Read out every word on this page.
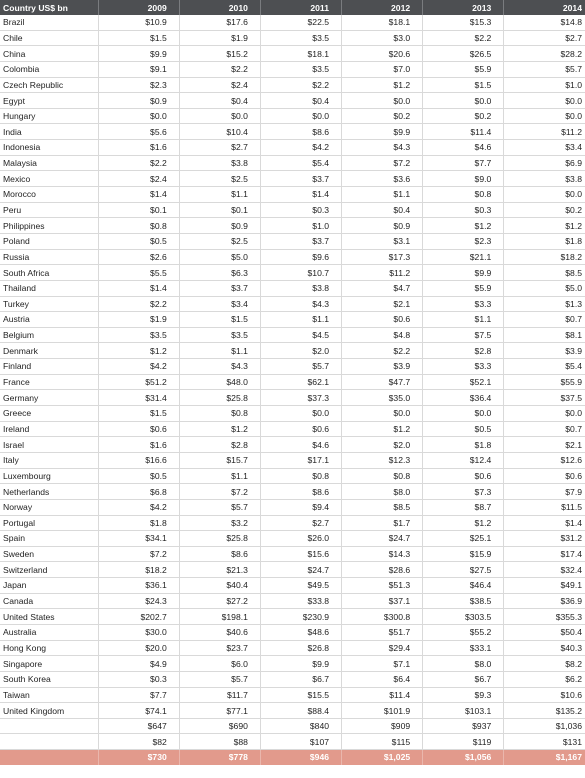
Country US$ bn	2009	2010	2011	2012	2013	2014
Brazil	$10.9	$17.6	$22.5	$18.1	$15.3	$14.8
Chile	$1.5	$1.9	$3.5	$3.0	$2.2	$2.7
China	$9.9	$15.2	$18.1	$20.6	$26.5	$28.2
Colombia	$9.1	$2.2	$3.5	$7.0	$5.9	$5.7
Czech Republic	$2.3	$2.4	$2.2	$1.2	$1.5	$1.0
Egypt	$0.9	$0.4	$0.4	$0.0	$0.0	$0.0
Hungary	$0.0	$0.0	$0.0	$0.2	$0.2	$0.0
India	$5.6	$10.4	$8.6	$9.9	$11.4	$11.2
Indonesia	$1.6	$2.7	$4.2	$4.3	$4.6	$3.4
Malaysia	$2.2	$3.8	$5.4	$7.2	$7.7	$6.9
Mexico	$2.4	$2.5	$3.7	$3.6	$9.0	$3.8
Morocco	$1.4	$1.1	$1.4	$1.1	$0.8	$0.0
Peru	$0.1	$0.1	$0.3	$0.4	$0.3	$0.2
Philippines	$0.8	$0.9	$1.0	$0.9	$1.2	$1.2
Poland	$0.5	$2.5	$3.7	$3.1	$2.3	$1.8
Russia	$2.6	$5.0	$9.6	$17.3	$21.1	$18.2
South Africa	$5.5	$6.3	$10.7	$11.2	$9.9	$8.5
Thailand	$1.4	$3.7	$3.8	$4.7	$5.9	$5.0
Turkey	$2.2	$3.4	$4.3	$2.1	$3.3	$1.3
Austria	$1.9	$1.5	$1.1	$0.6	$1.1	$0.7
Belgium	$3.5	$3.5	$4.5	$4.8	$7.5	$8.1
Denmark	$1.2	$1.1	$2.0	$2.2	$2.8	$3.9
Finland	$4.2	$4.3	$5.7	$3.9	$3.3	$5.4
France	$51.2	$48.0	$62.1	$47.7	$52.1	$55.9
Germany	$31.4	$25.8	$37.3	$35.0	$36.4	$37.5
Greece	$1.5	$0.8	$0.0	$0.0	$0.0	$0.0
Ireland	$0.6	$1.2	$0.6	$1.2	$0.5	$0.7
Israel	$1.6	$2.8	$4.6	$2.0	$1.8	$2.1
Italy	$16.6	$15.7	$17.1	$12.3	$12.4	$12.6
Luxembourg	$0.5	$1.1	$0.8	$0.8	$0.6	$0.6
Netherlands	$6.8	$7.2	$8.6	$8.0	$7.3	$7.9
Norway	$4.2	$5.7	$9.4	$8.5	$8.7	$11.5
Portugal	$1.8	$3.2	$2.7	$1.7	$1.2	$1.4
Spain	$34.1	$25.8	$26.0	$24.7	$25.1	$31.2
Sweden	$7.2	$8.6	$15.6	$14.3	$15.9	$17.4
Switzerland	$18.2	$21.3	$24.7	$28.6	$27.5	$32.4
Japan	$36.1	$40.4	$49.5	$51.3	$46.4	$49.1
Canada	$24.3	$27.2	$33.8	$37.1	$38.5	$36.9
United States	$202.7	$198.1	$230.9	$300.8	$303.5	$355.3
Australia	$30.0	$40.6	$48.6	$51.7	$55.2	$50.4
Hong Kong	$20.0	$23.7	$26.8	$29.4	$33.1	$40.3
Singapore	$4.9	$6.0	$9.9	$7.1	$8.0	$8.2
South Korea	$0.3	$5.7	$6.7	$6.4	$6.7	$6.2
Taiwan	$7.7	$11.7	$15.5	$11.4	$9.3	$10.6
United Kingdom	$74.1	$77.1	$88.4	$101.9	$103.1	$135.2
	$647	$690	$840	$909	$937	$1,036
	$82	$88	$107	$115	$119	$131
	$730	$778	$946	$1,025	$1,056	$1,167
